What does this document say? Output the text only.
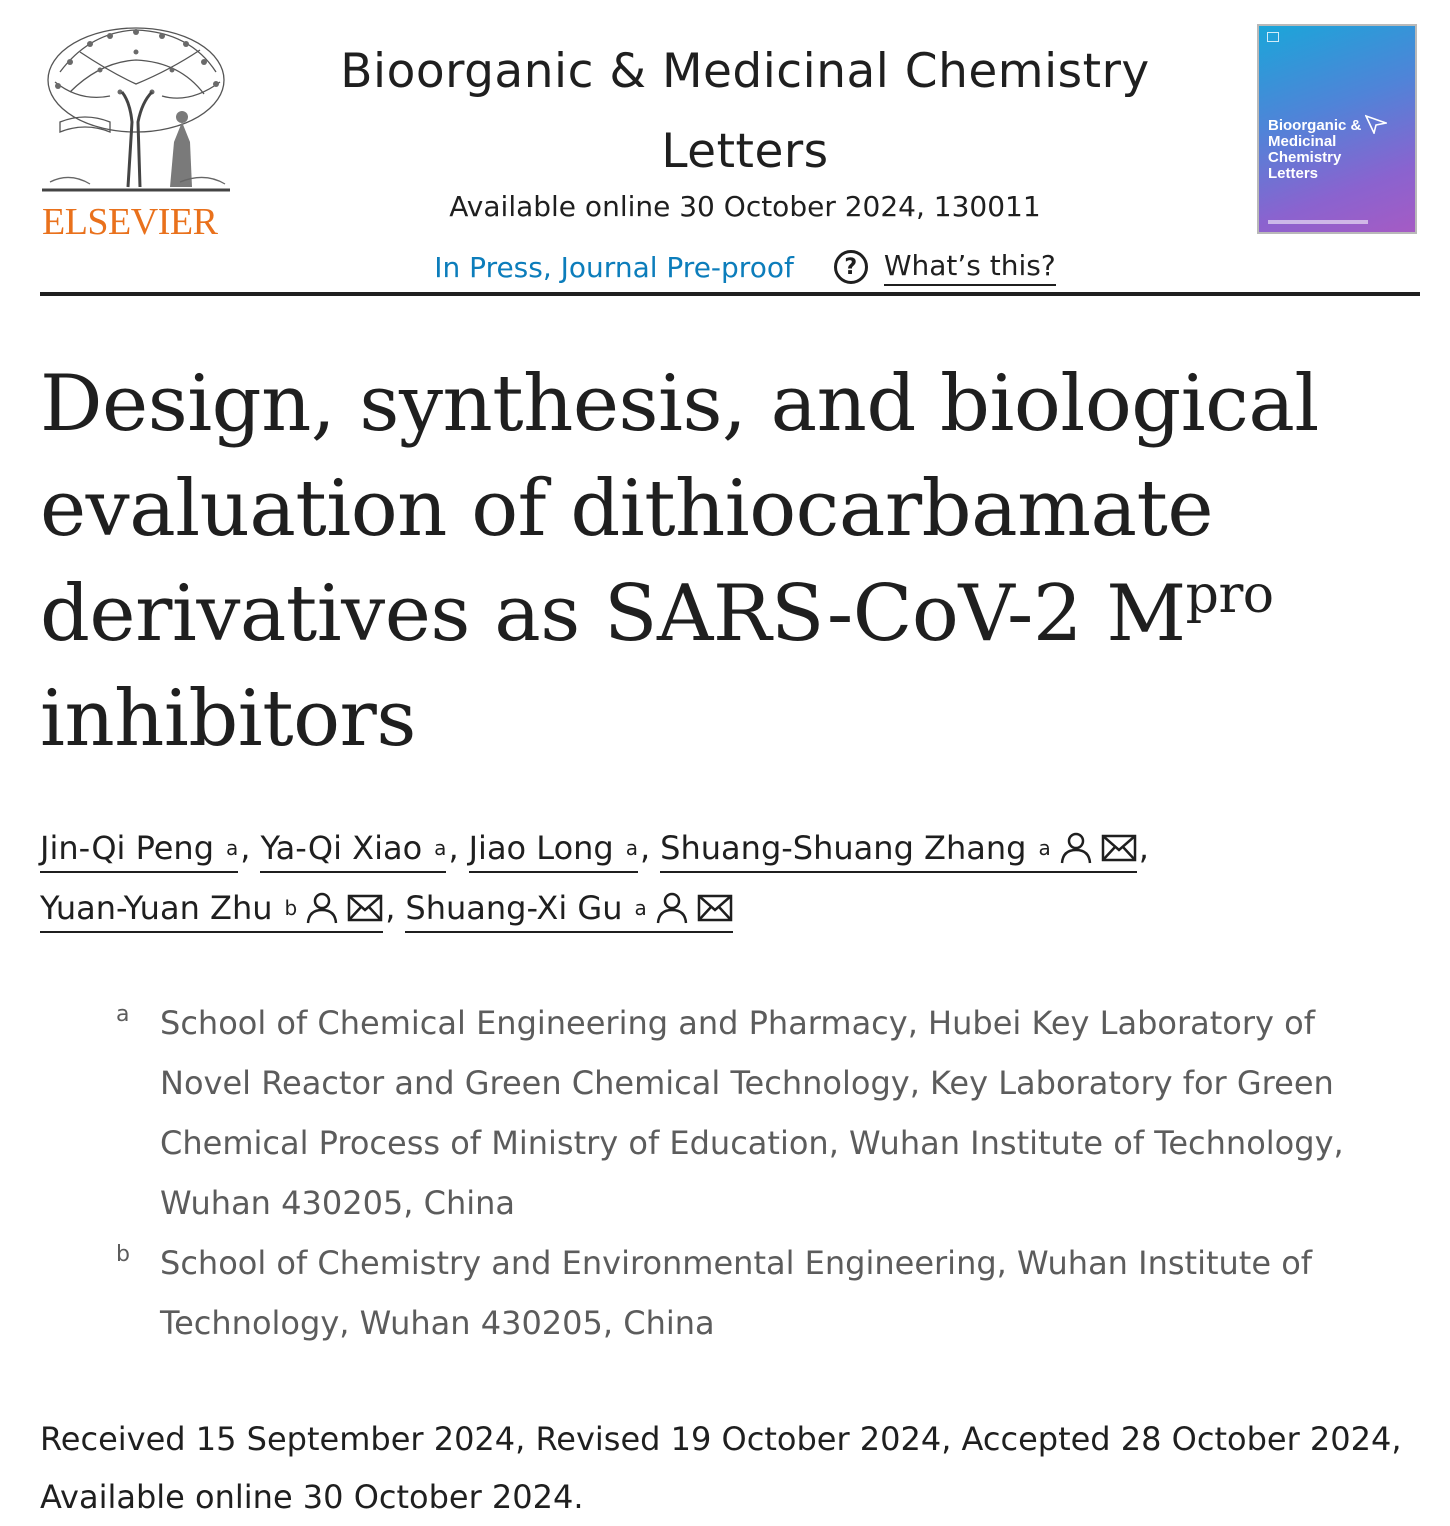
ELSEVIER
Bioorganic & Medicinal Chemistry Letters
Available online 30 October 2024, 130011
In Press, Journal Pre-proof	? What’s this?
Bioorganic & Medicinal Chemistry Letters
Design, synthesis, and biological evaluation of dithiocarbamate derivatives as SARS-CoV-2 $M^{pro}$
inhibitors
Jin-Qi Peng a , Ya-Qi Xiao a , Jiao Long a , Shuang-Shuang Zhang a	,

Yuan-Yuan Zhu b	, Shuang-Xi Gu a
a School of Chemical Engineering and Pharmacy, Hubei Key Laboratory of Novel Reactor and Green Chemical Technology, Key Laboratory for Green Chemical Process of Ministry of Education, Wuhan Institute of Technology, Wuhan 430205, China
b School of Chemistry and Environmental Engineering, Wuhan Institute of Technology, Wuhan 430205, China
Received 15 September 2024, Revised 19 October 2024, Accepted 28 October 2024, Available online 30 October 2024.
